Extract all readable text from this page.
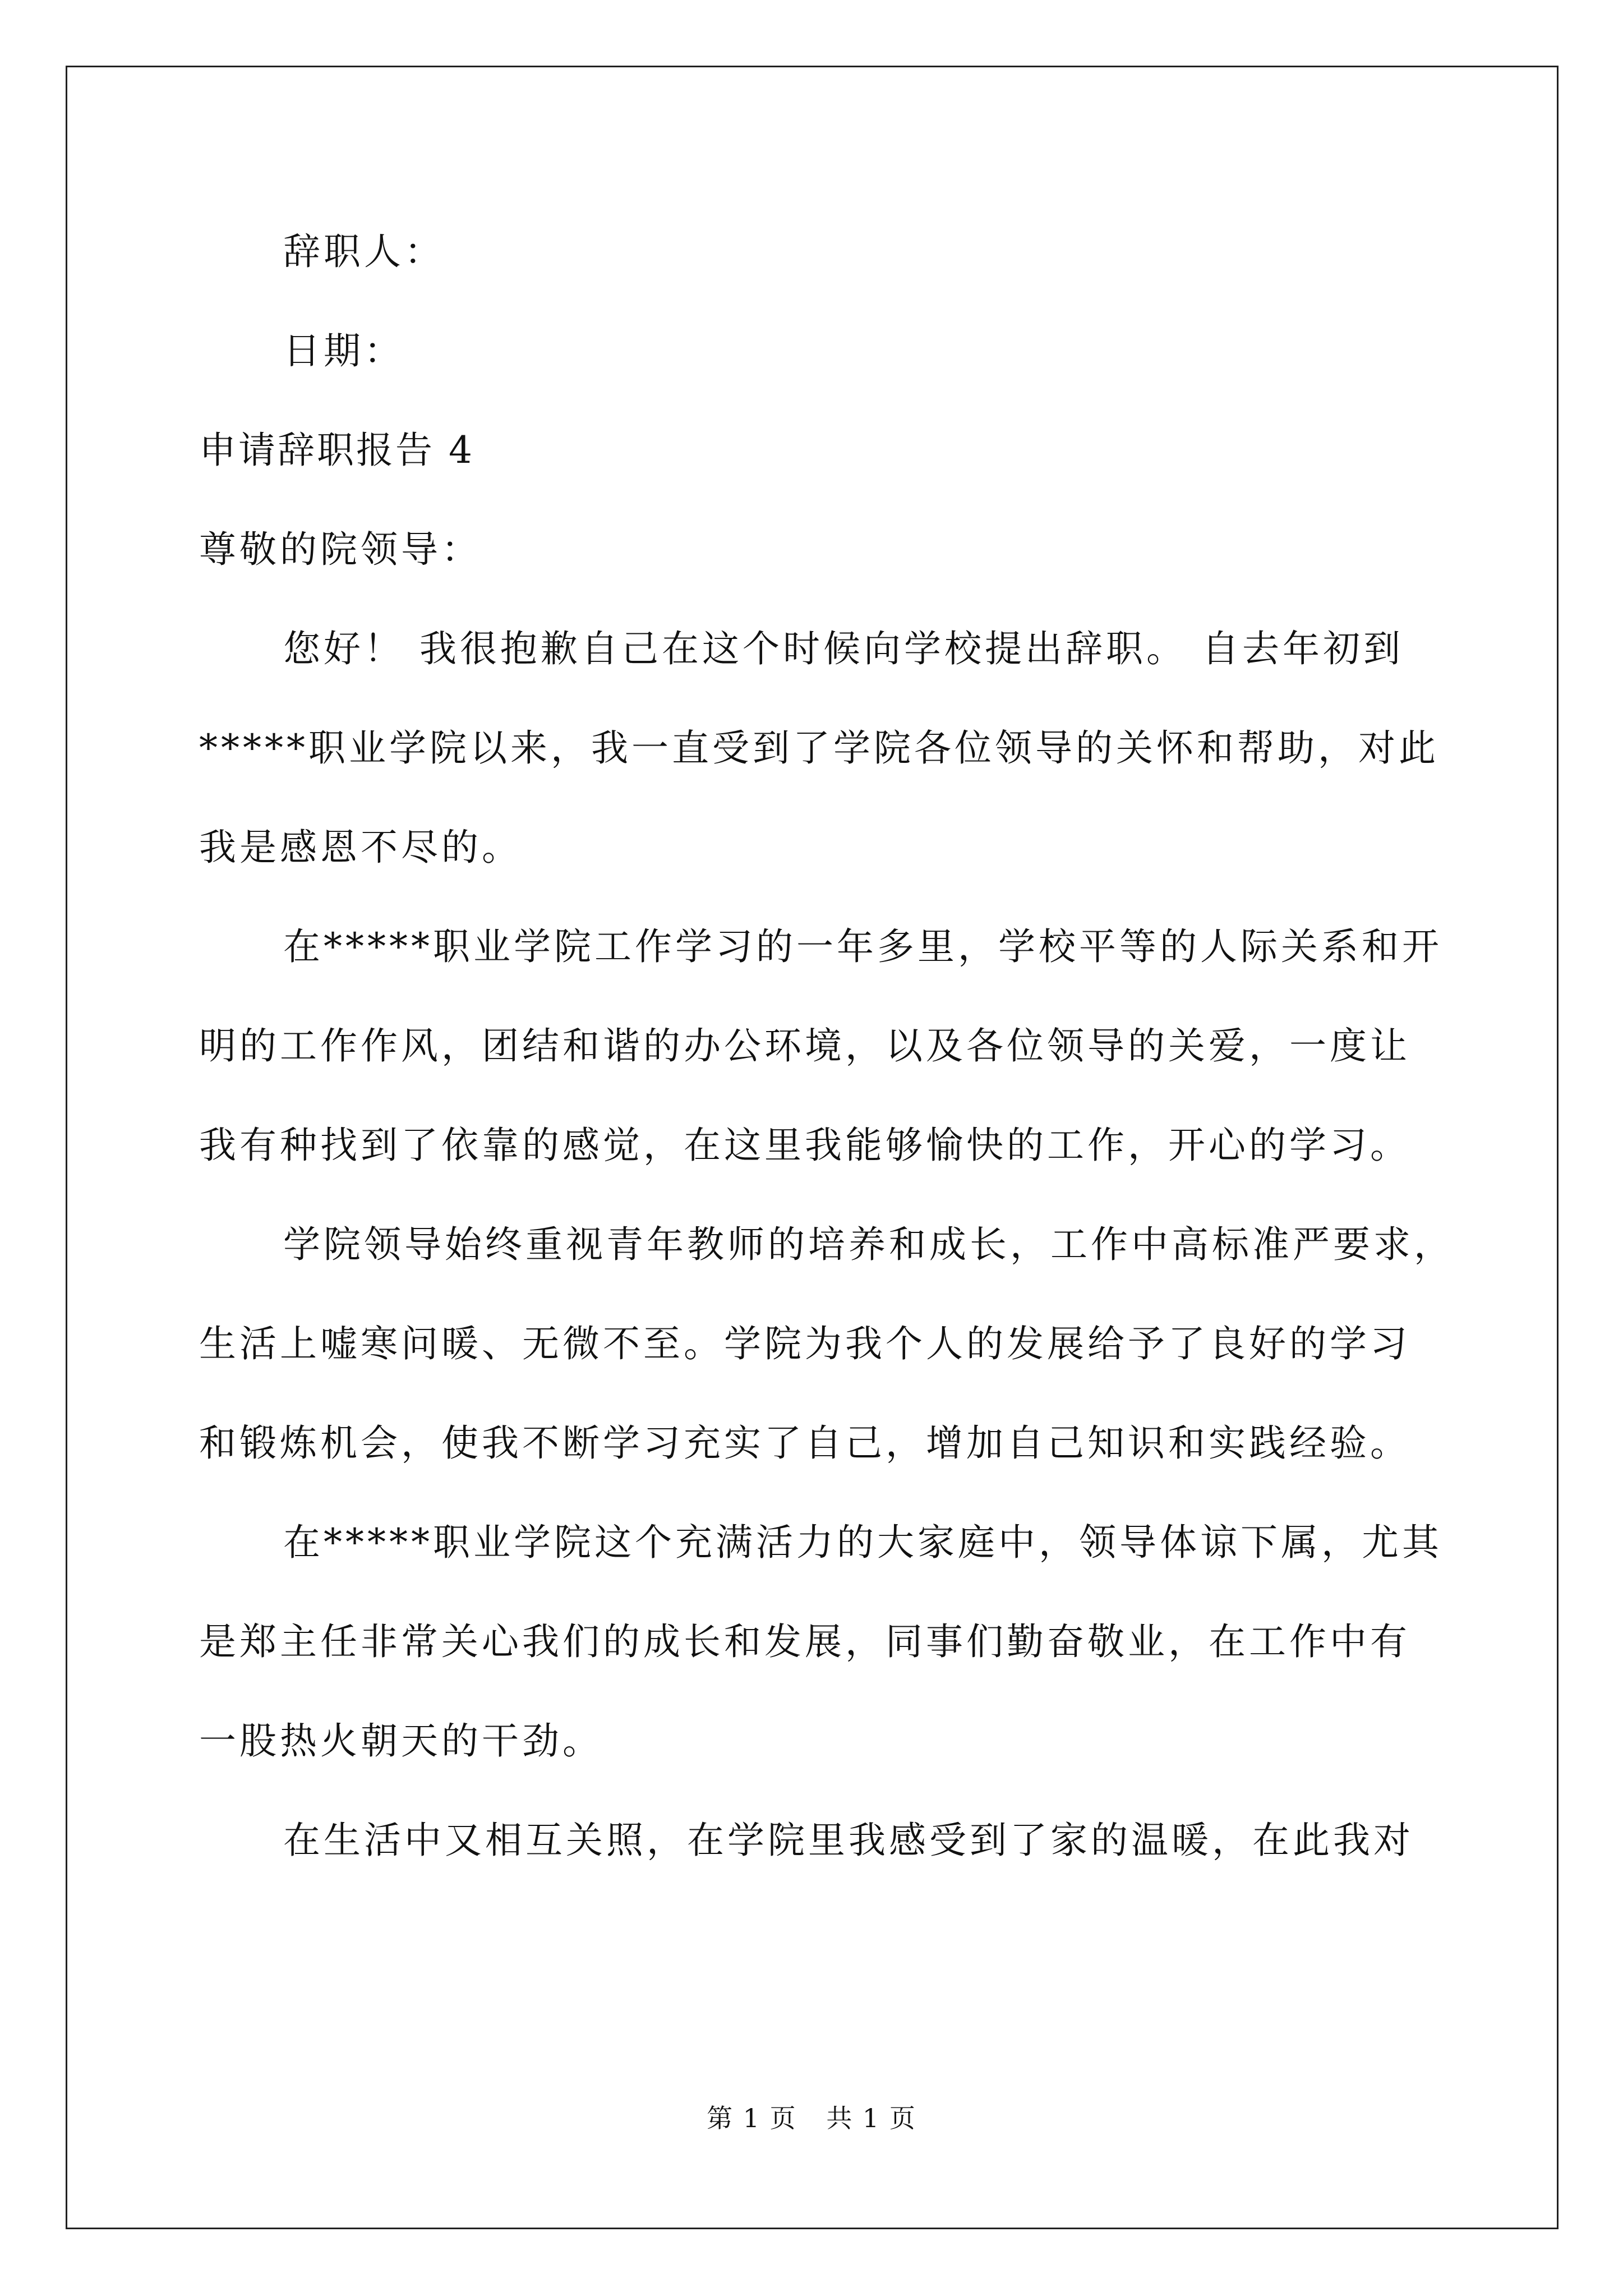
辞职人：
日期：
申请辞职报告 4
尊敬的院领导：
您好！ 我很抱歉自己在这个时候向学校提出辞职。 自去年初到
*****职业学院以来，我一直受到了学院各位领导的关怀和帮助，对此
我是感恩不尽的。
在*****职业学院工作学习的一年多里，学校平等的人际关系和开
明的工作作风，团结和谐的办公环境，以及各位领导的关爱，一度让
我有种找到了依靠的感觉，在这里我能够愉快的工作，开心的学习。
学院领导始终重视青年教师的培养和成长，工作中高标准严要求，
生活上嘘寒问暖、无微不至。学院为我个人的发展给予了良好的学习
和锻炼机会，使我不断学习充实了自己，增加自己知识和实践经验。
在*****职业学院这个充满活力的大家庭中，领导体谅下属，尤其
是郑主任非常关心我们的成长和发展，同事们勤奋敬业，在工作中有
一股热火朝天的干劲。
在生活中又相互关照，在学院里我感受到了家的温暖，在此我对
第 1 页 共 1 页
